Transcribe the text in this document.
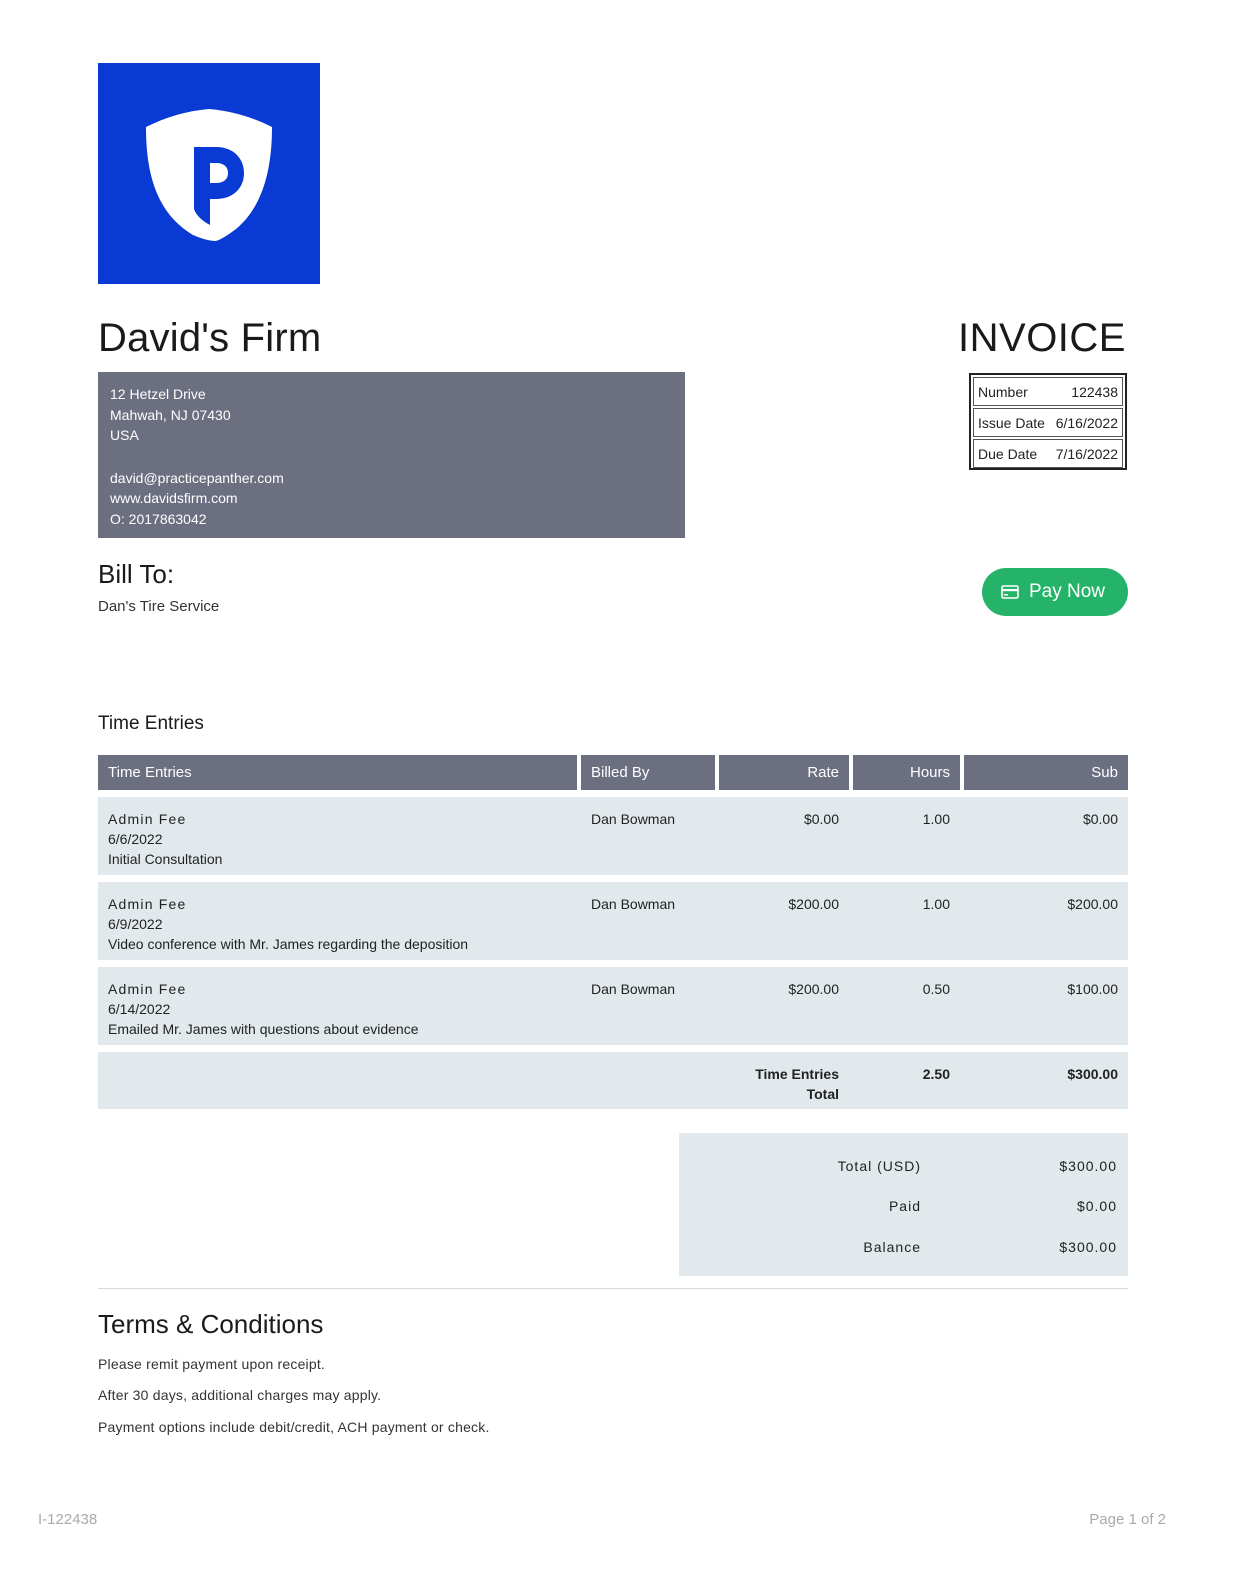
David's Firm	INVOICE
12 Hetzel Drive
Mahwah, NJ 07430
USA
david@practicepanther.com
www.davidsfirm.com
O: 2017863042
Number	122438
Issue Date 6/16/2022
Due Date 7/16/2022
Bill To:
Dan's Tire Service
Pay Now
Time Entries
Time Entries	Billed By	Rate	Hours	Sub
Admin Fee
6/6/2022
Initial Consultation
Dan Bowman	$0.00	1.00	$0.00
Admin Fee
6/9/2022
Video conference with Mr. James regarding the deposition
Dan Bowman	$200.00	1.00	$200.00
Admin Fee
6/14/2022
Emailed Mr. James with questions about evidence
Dan Bowman	$200.00	0.50	$100.00
Time Entries
Total
2.50	$300.00
Total (USD)	$300.00
Paid	$0.00
Balance	$300.00
Terms & Conditions
Please remit payment upon receipt.
After 30 days, additional charges may apply.
Payment options include debit/credit, ACH payment or check.
I-122438	Page 1 of 2
